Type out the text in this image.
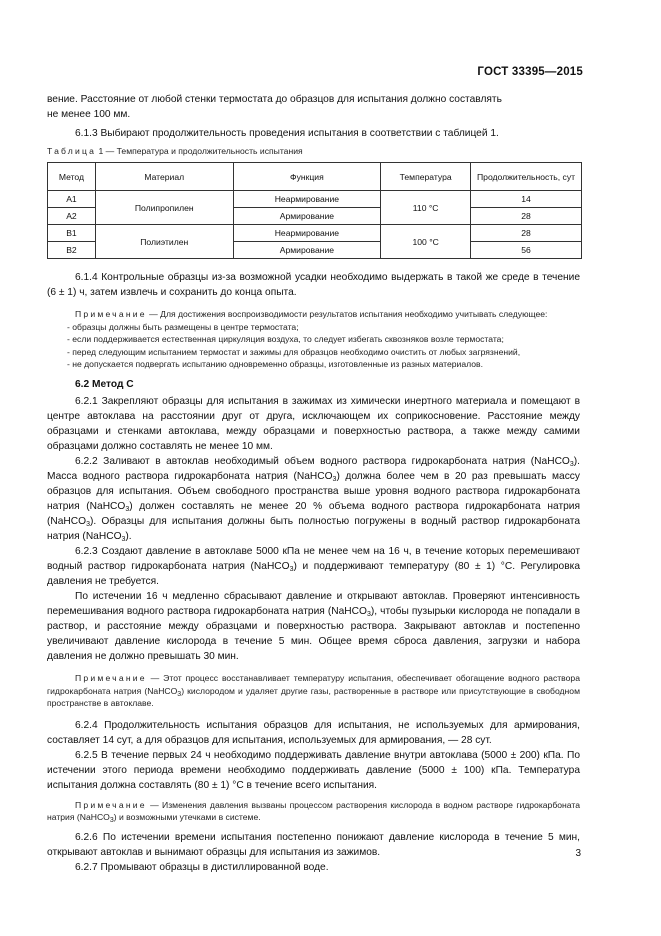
ГОСТ 33395—2015

вение. Расстояние от любой стенки термостата до образцов для испытания должно составлять
не менее 100 мм.

6.1.3 Выбирают продолжительность проведения испытания в соответствии с таблицей 1.

Таблица 1 — Температура и продолжительность испытания
Метод	Материал	Функция	Температура	Продолжительность, сут
A1	Полипропилен	Неармирование	110 °С	14
A2		Армирование		28
B1	Полиэтилен	Неармирование	100 °С	28
B2		Армирование		56

6.1.4 Контрольные образцы из-за возможной усадки необходимо выдержать в такой же среде в течение (6 ± 1) ч, затем извлечь и сохранить до конца опыта.

Примечание — Для достижения воспроизводимости результатов испытания необходимо учитывать следующее:

- образцы должны быть размещены в центре термостата;

- если поддерживается естественная циркуляция воздуха, то следует избегать сквозняков возле термостата;

- перед следующим испытанием термостат и зажимы для образцов необходимо очистить от любых загрязнений,

- не допускается подвергать испытанию одновременно образцы, изготовленные из разных материалов.

6.2 Метод С

6.2.1 Закрепляют образцы для испытания в зажимах из химически инертного материала и помещают в центре автоклава на расстоянии друг от друга, исключающем их соприкосновение. Расстояние между образцами и стенками автоклава, между образцами и поверхностью раствора, а также между самими образцами должно составлять не менее 10 мм.

6.2.2 Заливают в автоклав необходимый объем водного раствора гидрокарбоната натрия (NaHCO$_3$). Масса водного раствора гидрокарбоната натрия (NaHCO$_3$) должна более чем в 20 раз превышать массу образцов для испытания. Объем свободного пространства выше уровня водного раствора гидрокарбоната натрия (NaHCO$_3$) должен составлять не менее 20 % объема водного раствора гидрокарбоната натрия (NaHCO$_3$). Образцы для испытания должны быть полностью погружены в водный раствор гидрокарбоната натрия (NaHCO$_3$).

6.2.3 Создают давление в автоклаве 5000 кПа не менее чем на 16 ч, в течение которых перемешивают водный раствор гидрокарбоната натрия (NaHCO$_3$) и поддерживают температуру (80 ± 1) °С. Регулировка давления не требуется.

По истечении 16 ч медленно сбрасывают давление и открывают автоклав. Проверяют интенсивность перемешивания водного раствора гидрокарбоната натрия (NaHCO$_3$), чтобы пузырьки кислорода не попадали в раствор, и расстояние между образцами и поверхностью раствора. Закрывают автоклав и постепенно увеличивают давление кислорода в течение 5 мин. Общее время сброса давления, загрузки и набора давления не должно превышать 30 мин.

Примечание — Этот процесс восстанавливает температуру испытания, обеспечивает обогащение водного раствора гидрокарбоната натрия (NaHCO$_3$) кислородом и удаляет другие газы, растворенные в растворе или присутствующие в свободном пространстве в автоклаве.

6.2.4 Продолжительность испытания образцов для испытания, не используемых для армирования, составляет 14 сут, а для образцов для испытания, используемых для армирования, — 28 сут.

6.2.5 В течение первых 24 ч необходимо поддерживать давление внутри автоклава (5000 ± 200) кПа. По истечении этого периода времени необходимо поддерживать давление (5000 ± 100) кПа. Температура испытания должна составлять (80 ± 1) °С в течение всего испытания.

Примечание — Изменения давления вызваны процессом растворения кислорода в водном растворе гидрокарбоната натрия (NaHCO$_3$) и возможными утечками в системе.

6.2.6 По истечении времени испытания постепенно понижают давление кислорода в течение 5 мин, открывают автоклав и вынимают образцы для испытания из зажимов.

6.2.7 Промывают образцы в дистиллированной воде.

3
